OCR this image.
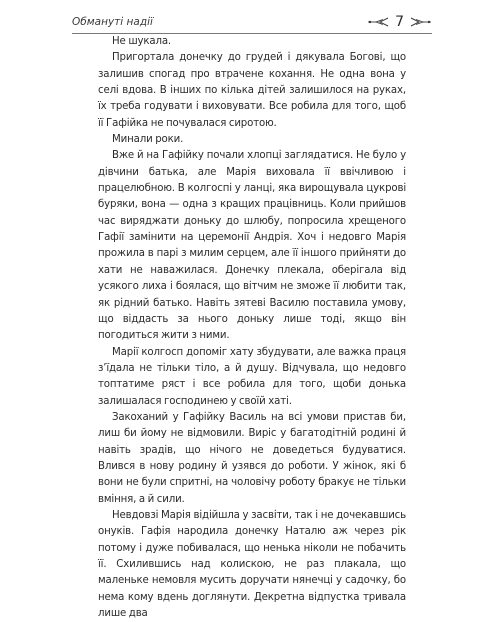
Обмануті надії	7

Не шукала.

Пригортала донечку до грудей і дякувала Богові, що залишив спогад про втрачене кохання. Не одна вона у селі вдова. В інших по кілька дітей залишилося на руках, їх треба годувати і виховувати. Все робила для того, щоб її Гафійка не почувалася сиротою.

Минали роки.

Вже й на Гафійку почали хлопці заглядатися. Не було у дівчини батька, але Марія виховала її ввічливою і працелюбною. В колгоспі у ланці, яка вирощувала цукрові буряки, вона — одна з кращих працівниць. Коли прийшов час виряджати доньку до шлюбу, попросила хрещеного Гафії замінити на церемонії Андрія. Хоч і недовго Марія прожила в парі з милим серцем, але її іншого прийняти до хати не наважилася. Донечку плекала, оберігала від усякого лиха і боялася, що вітчим не зможе її любити так, як рідний батько. Навіть зятеві Василю поставила умову, що віддасть за нього доньку лише тоді, якщо він погодиться жити з ними.

Марії колгосп допоміг хату збудувати, але важка праця зʼїдала не тільки тіло, а й душу. Відчувала, що недовго топтатиме ряст і все робила для того, щоби донька залишалася господинею у своїй хаті.

Закоханий у Гафійку Василь на всі умови пристав би, лиш би йому не відмовили. Виріс у багатодітній родині й навіть зрадів, що нічого не доведеться будуватися. Влився в нову родину й узявся до роботи. У жінок, які б вони не були спритні, на чоловічу роботу бракує не тільки вміння, а й сили.

Невдовзі Марія відійшла у засвіти, так і не дочекавшись онуків. Гафія народила донечку Наталю аж через рік потому і дуже побивалася, що ненька ніколи не побачить її. Схилившись над колискою, не раз плакала, що маленьке немовля мусить доручати нянечці у садочку, бо нема кому вдень доглянути. Декретна відпустка тривала лише два
